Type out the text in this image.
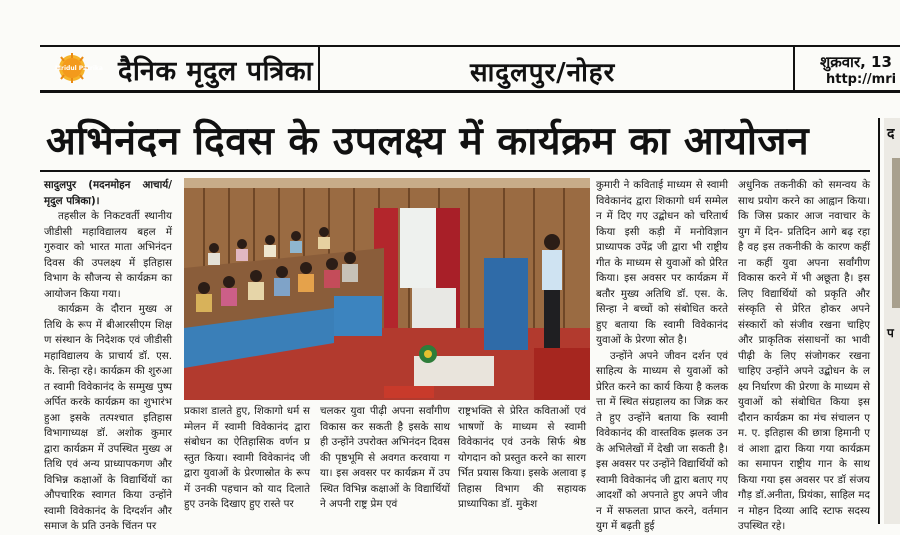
Mridul Patrika दैनिक मृदुल पत्रिका	सादुलपुर/नोहर	शुक्रवार, 13
http://mri
अभिनंदन दिवस के उपलक्ष्य में कार्यक्रम का आयोजन	द
प

सादुलपुर (मदनमोहन आचार्य/ मृदुल पत्रिका)।

तहसील के निकटवर्ती स्थानीय जीडीसी महाविद्यालय बहल में गुरुवार को भारत माता अभिनंदन दिवस की उपलक्ष्य में इतिहास विभाग के सौजन्य से कार्यक्रम का आयोजन किया गया।

कार्यक्रम के दौरान मुख्य अतिथि के रूप में बीआरसीएम शिक्षण संस्थान के निदेशक एवं जीडीसी महाविद्यालय के प्राचार्य डॉ. एस. के. सिन्हा रहे। कार्यक्रम की शुरुआत स्वामी विवेकानंद के सम्मुख पुष्प अर्पित करके कार्यक्रम का शुभारंभ हुआ इसके तत्पश्चात इतिहास विभागाध्यक्ष डॉ. अशोक कुमार द्वारा कार्यक्रम में उपस्थित मुख्य अतिथि एवं अन्य प्राध्यापकगण और विभिन्न कक्षाओं के विद्यार्थियों का औपचारिक स्वागत किया उन्होंने स्वामी विवेकानंद के दिग्दर्शन और समाज के प्रति उनके चिंतन पर

प्रकाश डालते हुए, शिकागो धर्म सम्मेलन में स्वामी विवेकानंद द्वारा संबोधन का ऐतिहासिक वर्णन प्रस्तुत किया। स्वामी विवेकानंद जी द्वारा युवाओं के प्रेरणास्रोत के रूप में उनकी पहचान को याद दिलाते हुए उनके दिखाए हुए रास्ते पर

चलकर युवा पीढ़ी अपना सर्वांगीण विकास कर सकती है इसके साथ ही उन्होंने उपरोक्त अभिनंदन दिवस की पृष्ठभूमि से अवगत करवाया गया। इस अवसर पर कार्यक्रम में उपस्थित विभिन्न कक्षाओं के विद्यार्थियों ने अपनी राष्ट्र प्रेम एवं

राष्ट्रभक्ति से प्रेरित कविताओं एवं भाषणों के माध्यम से स्वामी विवेकानंद एवं उनके सिर्फ श्रेष्ठ योगदान को प्रस्तुत करने का सारगर्भित प्रयास किया। इसके अलावा इतिहास विभाग की सहायक प्राध्यापिका डॉ. मुकेश

कुमारी ने कविताई माध्यम से स्वामी विवेकानंद द्वारा शिकागो धर्म सम्मेलन में दिए गए उद्बोधन को चरितार्थ किया इसी कड़ी में मनोविज्ञान प्राध्यापक उपेंद्र जी द्वारा भी राष्ट्रीय गीत के माध्यम से युवाओं को प्रेरित किया। इस अवसर पर कार्यक्रम में बतौर मुख्य अतिथि डॉ. एस. के. सिन्हा ने बच्चों को संबोधित करते हुए बताया कि स्वामी विवेकानंद युवाओं के प्रेरणा स्रोत है।

उन्होंने अपने जीवन दर्शन एवं साहित्य के माध्यम से युवाओं को प्रेरित करने का कार्य किया है कलकत्ता में स्थित संग्रहालय का जिक्र करते हुए उन्होंने बताया कि स्वामी विवेकानंद की वास्तविक झलक उनके अभिलेखों में देखी जा सकती है। इस अवसर पर उन्होंने विद्यार्थियों को स्वामी विवेकानंद जी द्वारा बताए गए आदर्शों को अपनाते हुए अपने जीवन में सफलता प्राप्त करने, वर्तमान युग में बढ़ती हुई

अधुनिक तकनीकी को समन्वय के साथ प्रयोग करने का आह्वान किया। कि जिस प्रकार आज नवाचार के युग में दिन- प्रतिदिन आगे बढ़ रहा है वह इस तकनीकी के कारण कहीं ना कहीं युवा अपना सर्वांगीण विकास करने में भी अछूता है। इसलिए विद्यार्थियों को प्रकृति और संस्कृति से प्रेरित होकर अपने संस्कारों को संजीव रखना चाहिए और प्राकृतिक संसाधनों का भावी पीढ़ी के लिए संजोगकर रखना चाहिए उन्होंने अपने उद्बोधन के लक्ष्य निर्धारण की प्रेरणा के माध्यम से युवाओं को संबोधित किया इस दौरान कार्यक्रम का मंच संचालन एम. ए. इतिहास की छात्रा हिमानी एवं आशा द्वारा किया गया कार्यक्रम का समापन राष्ट्रीय गान के साथ किया गया इस अवसर पर डॉ संजय गौड़ डॉ.अनीता, प्रियंका, साहिल मदन मोहन दिव्या आदि स्टाफ सदस्य उपस्थित रहे।
